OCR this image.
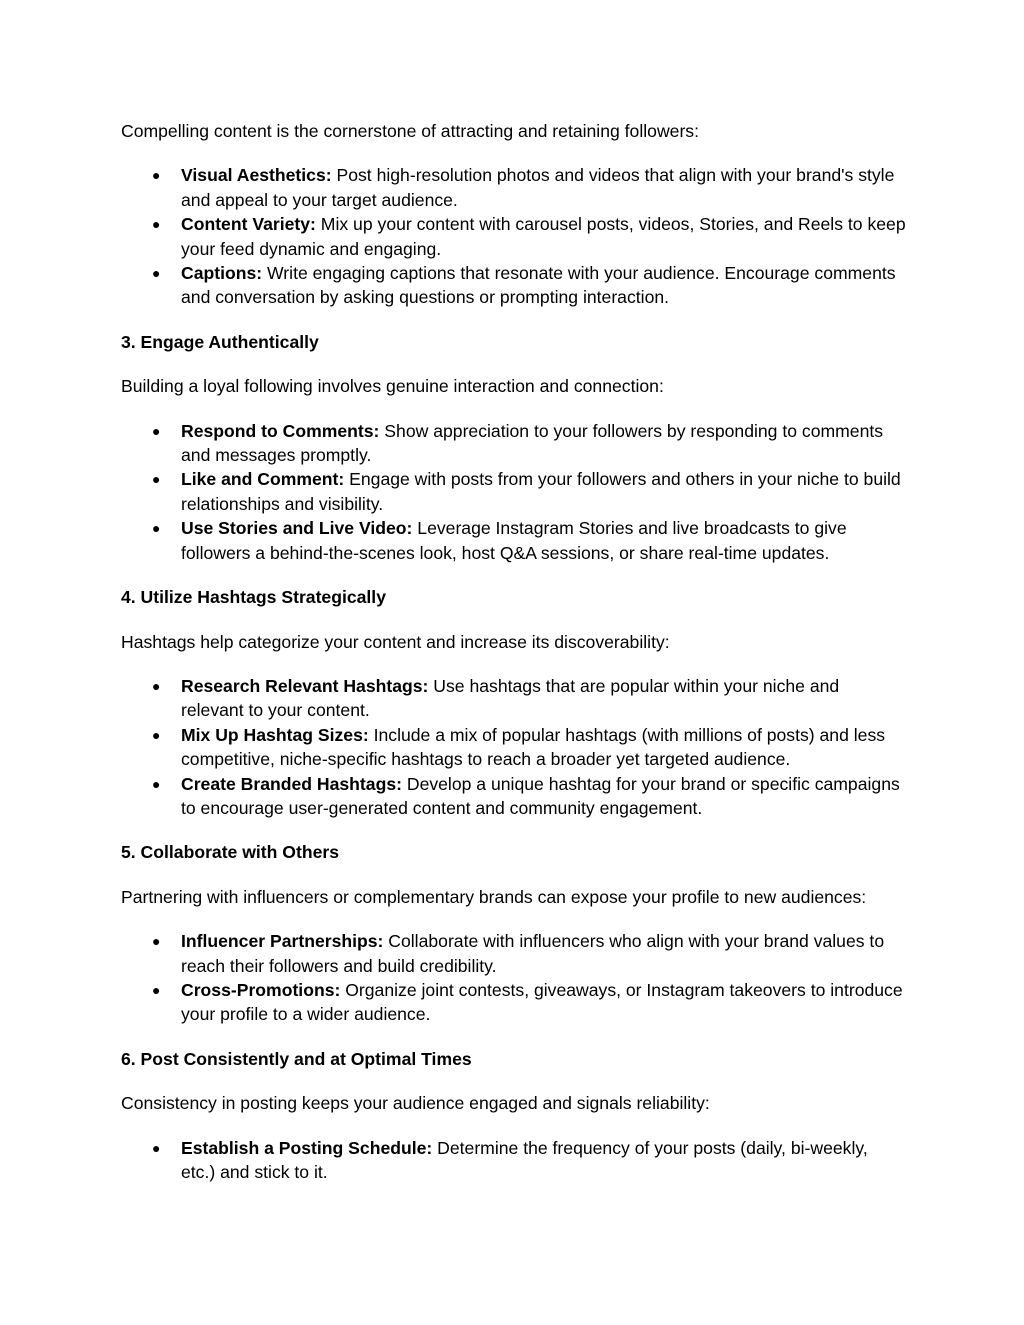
Compelling content is the cornerstone of attracting and retaining followers:

● Visual Aesthetics: Post high-resolution photos and videos that align with your brand's style and appeal to your target audience.
● Content Variety: Mix up your content with carousel posts, videos, Stories, and Reels to keep your feed dynamic and engaging.
● Captions: Write engaging captions that resonate with your audience. Encourage comments and conversation by asking questions or prompting interaction.

3. Engage Authentically

Building a loyal following involves genuine interaction and connection:

● Respond to Comments: Show appreciation to your followers by responding to comments and messages promptly.
● Like and Comment: Engage with posts from your followers and others in your niche to build relationships and visibility.
● Use Stories and Live Video: Leverage Instagram Stories and live broadcasts to give followers a behind-the-scenes look, host Q&A sessions, or share real-time updates.

4. Utilize Hashtags Strategically

Hashtags help categorize your content and increase its discoverability:

● Research Relevant Hashtags: Use hashtags that are popular within your niche and relevant to your content.
● Mix Up Hashtag Sizes: Include a mix of popular hashtags (with millions of posts) and less competitive, niche-specific hashtags to reach a broader yet targeted audience.
● Create Branded Hashtags: Develop a unique hashtag for your brand or specific campaigns to encourage user-generated content and community engagement.

5. Collaborate with Others

Partnering with influencers or complementary brands can expose your profile to new audiences:

● Influencer Partnerships: Collaborate with influencers who align with your brand values to reach their followers and build credibility.
● Cross-Promotions: Organize joint contests, giveaways, or Instagram takeovers to introduce your profile to a wider audience.

6. Post Consistently and at Optimal Times

Consistency in posting keeps your audience engaged and signals reliability:

● Establish a Posting Schedule: Determine the frequency of your posts (daily, bi-weekly, etc.) and stick to it.
